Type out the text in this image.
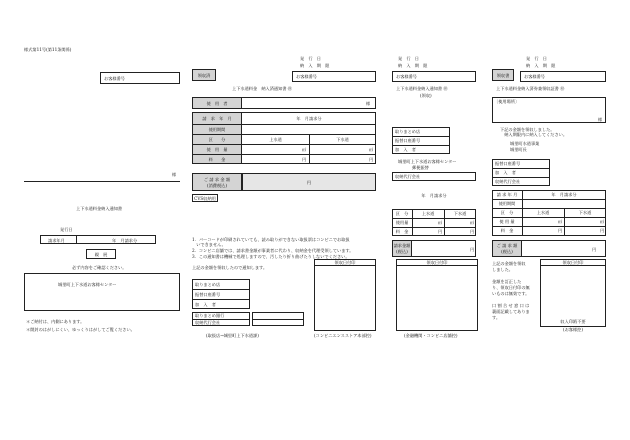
様式第11号(第11条関係)
お客様番号
様
上下水道料金納入通知書
発行日
請求年月	年　月請求分
親　展
必ず内容をご確認ください。
城里町上下水道お客様センター
＊ご納付は、内側にあります。
＊開封のはがしにくい、ゆっくりはがしてご覧ください。
領収済
発　行　日
納　入　期　限
お客様番号
上下水道料金　納入済通知書 ㊞
使　用　者	様
請　求　年　月	年　月請求分
使用期間
区　　分	上水道	下水道
使　用　量	㎥	㎥
料　　金	円	円
ご 請 求 金 額
(消費税込)
円
CVS収納用
1．バーコードが印刷されていても、読み取りができない取扱票はコンビニでお取扱
　いできません。
2．コンビニ店舗では、請求書金額が事業者に代わり、収納金を代理受領しています。
3．この通知書は機械で処理しますので、汚したり折り曲げたりしないでください。
上記の金額を領収したので通知します。
取りまとめ店
振替口座番号
加　入　者
取りまとめ銀行
収納代行会社
領収日付印
(取扱店→城里町上下水道課)	(コンビニエンスストア本部控)
発　行　日
納　入　期　限
お客様番号
上下水道料金納入通知書 ㊞
(領収)
取りまとめ店
振替口座番号
加　入　者
城里町上下水道お客様センター
郵便振替
収納代行会社
年　月請求分
区　分	上水道	下水道
使用量	㎥	㎥
料　金	円	円
請求金額
(税込)	円
領収日付印
(金融機関・コンビニ店舗控)
領収書
発　行　日
納　入　期　限
お客様番号
上下水道料金納入済券兼領収証書 ㊞
〔使用場所〕
様
下記の金額を領収しました。
　納入期限内に納入してください。
城里町水道事業
城里町長
振替口座番号
加　入　者
収納代行会社
請 求 年 月	年　月請求分
使用期間
区　分	上水道	下水道
使 用 量	㎥	㎥
料　金	円	円
ご 請 求 額
(税込)	円
上記の金額を領収
しました。
金額を訂正した
り、領収日付印の無
いものは無効です。
口 割 合 せ 窓 口 は
裏面記載してありま
す。
領収日付印
収入印紙不要
(お客様控)
